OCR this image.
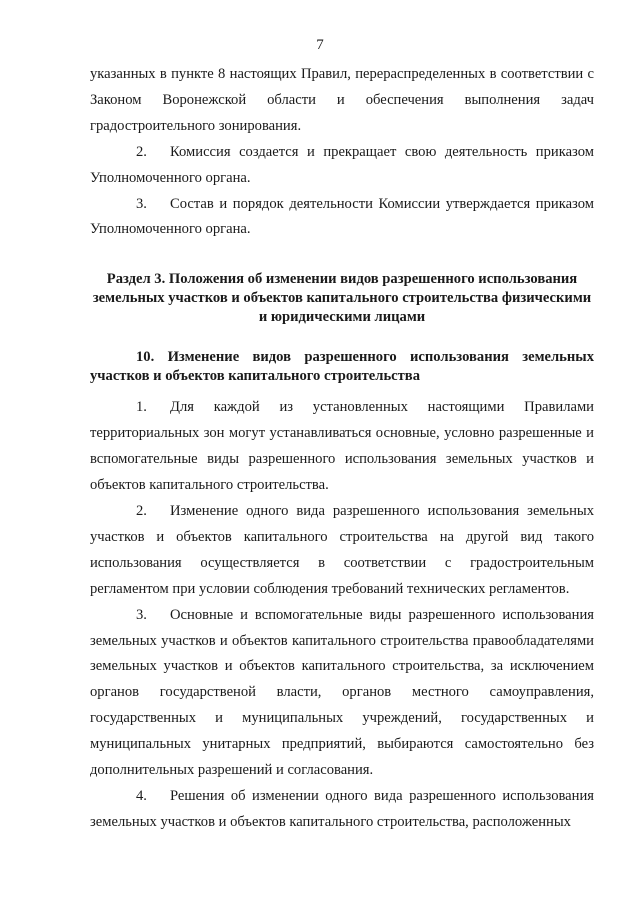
7

указанных в пункте 8 настоящих Правил, перераспределенных в соответствии с Законом Воронежской области и обеспечения выполнения задач градостроительного зонирования.

2. Комиссия создается и прекращает свою деятельность приказом Уполномоченного органа.

3. Состав и порядок деятельности Комиссии утверждается приказом Уполномоченного органа.

Раздел 3. Положения об изменении видов разрешенного использования земельных участков и объектов капитального строительства физическими и юридическими лицами

10. Изменение видов разрешенного использования земельных участков и объектов капитального строительства

1. Для каждой из установленных настоящими Правилами территориальных зон могут устанавливаться основные, условно разрешенные и вспомогательные виды разрешенного использования земельных участков и объектов капитального строительства.

2. Изменение одного вида разрешенного использования земельных участков и объектов капитального строительства на другой вид такого использования осуществляется в соответствии с градостроительным регламентом при условии соблюдения требований технических регламентов.

3. Основные и вспомогательные виды разрешенного использования земельных участков и объектов капитального строительства правообладателями земельных участков и объектов капитального строительства, за исключением органов государственой власти, органов местного самоуправления, государственных и муниципальных учреждений, государственных и муниципальных унитарных предприятий, выбираются самостоятельно без дополнительных разрешений и согласования.

4. Решения об изменении одного вида разрешенного использования земельных участков и объектов капитального строительства, расположенных
